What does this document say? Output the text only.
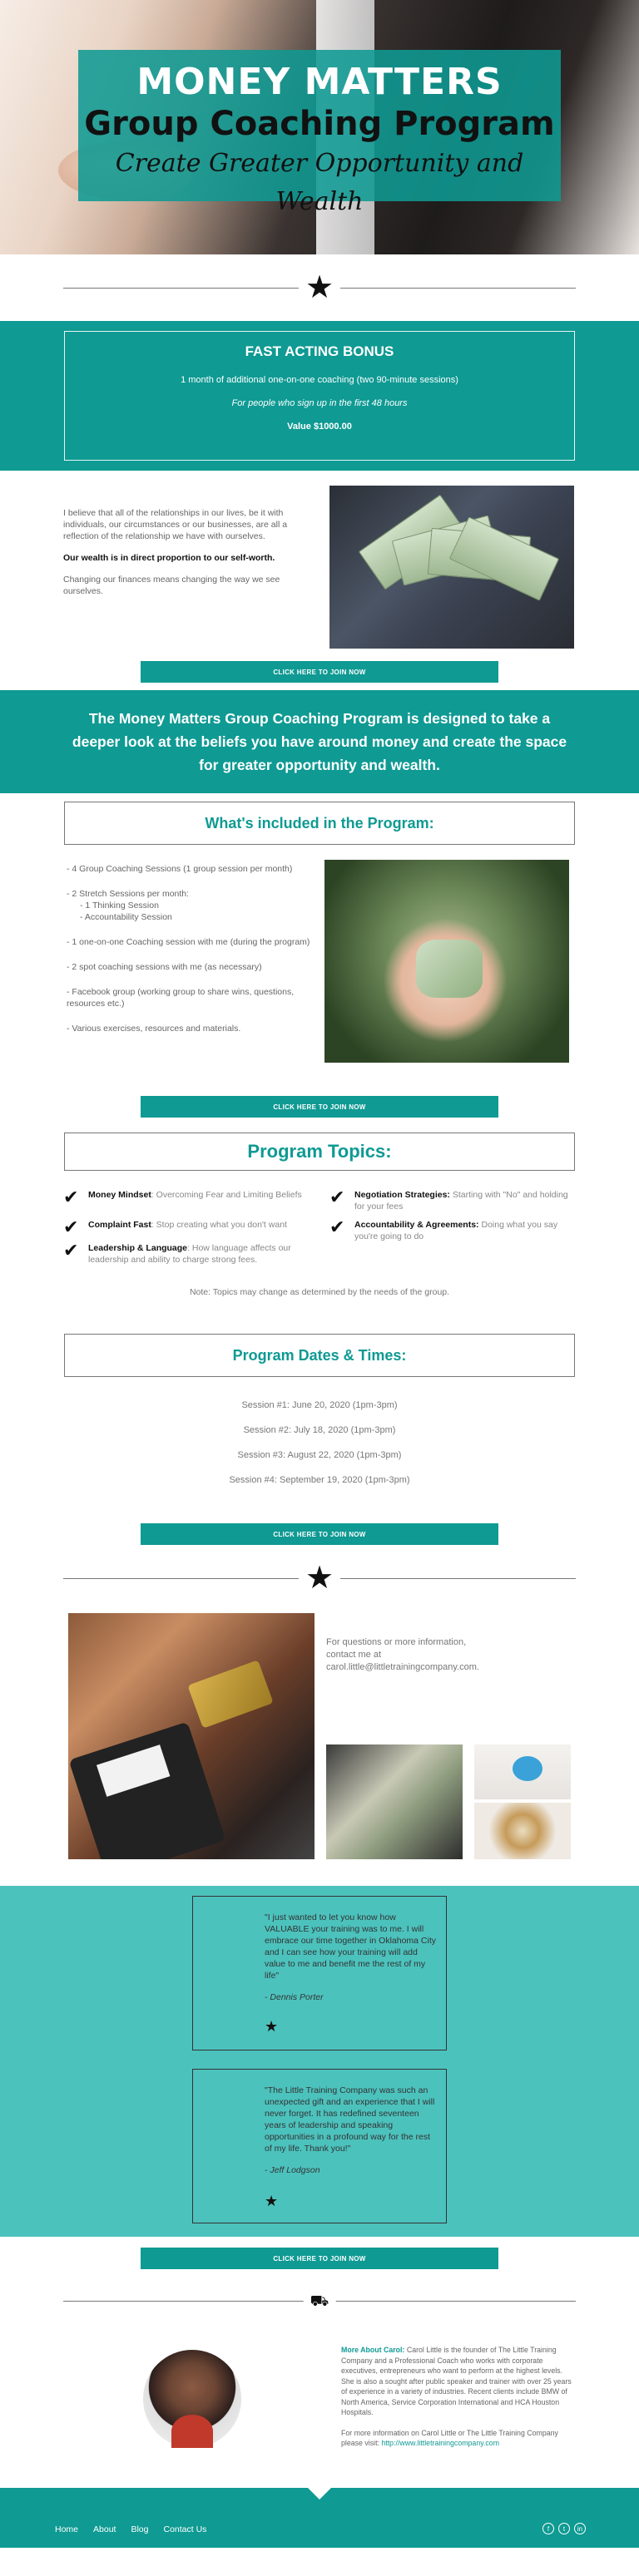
MONEY MATTERS
Group Coaching Program
Create Greater Opportunity and Wealth
★
FAST ACTING BONUS
1 month of additional one-on-one coaching (two 90-minute sessions)
For people who sign up in the first 48 hours
Value $1000.00

I believe that all of the relationships in our lives, be it with individuals, our circumstances or our businesses, are all a reflection of the relationship we have with ourselves.

Our wealth is in direct proportion to our self-worth.

Changing our finances means changing the way we see ourselves.

CLICK HERE TO JOIN NOW

The Money Matters Group Coaching Program is designed to take a deeper look at the beliefs you have around money and create the space for greater opportunity and wealth.

What's included in the Program:
- 4 Group Coaching Sessions (1 group session per month)
- 2 Stretch Sessions per month:
- 1 Thinking Session
- Accountability Session
- 1 one-on-one Coaching session with me (during the program)
- 2 spot coaching sessions with me (as necessary)
- Facebook group (working group to share wins, questions, resources etc.)
- Various exercises, resources and materials.
CLICK HERE TO JOIN NOW
Program Topics:
✔ Money Mindset: Overcoming Fear and Limiting Beliefs ✔ Negotiation Strategies: Starting with "No" and holding for your fees
✔ Complaint Fast: Stop creating what you don't want	✔ Accountability & Agreements: Doing what you say you're going to do
✔ Leadership & Language: How language affects our leadership and ability to charge strong fees.
Note: Topics may change as determined by the needs of the group.
Program Dates & Times:
Session #1: June 20, 2020 (1pm-3pm)
Session #2: July 18, 2020 (1pm-3pm)
Session #3: August 22, 2020 (1pm-3pm)
Session #4: September 19, 2020 (1pm-3pm)
CLICK HERE TO JOIN NOW
★
For questions or more information,
contact me at
carol.little@littletrainingcompany.com.
"I just wanted to let you know how VALUABLE your training was to me. I will embrace our time together in Oklahoma City and I can see how your training will add value to me and benefit me the rest of my life"
- Dennis Porter
★
"The Little Training Company was such an unexpected gift and an experience that I will never forget. It has redefined seventeen years of leadership and speaking opportunities in a profound way for the rest of my life. Thank you!"
- Jeff Lodgson
★
CLICK HERE TO JOIN NOW
⛟

More About Carol: Carol Little is the founder of The Little Training Company and a Professional Coach who works with corporate executives, entrepreneurs who want to perform at the highest levels. She is also a sought after public speaker and trainer with over 25 years of experience in a variety of industries. Recent clients include BMW of North America, Service Corporation International and HCA Houston Hospitals.

For more information on Carol Little or The Little Training Company please visit: http://www.littletrainingcompany.com

Home About Blog Contact Us	f	t	in
